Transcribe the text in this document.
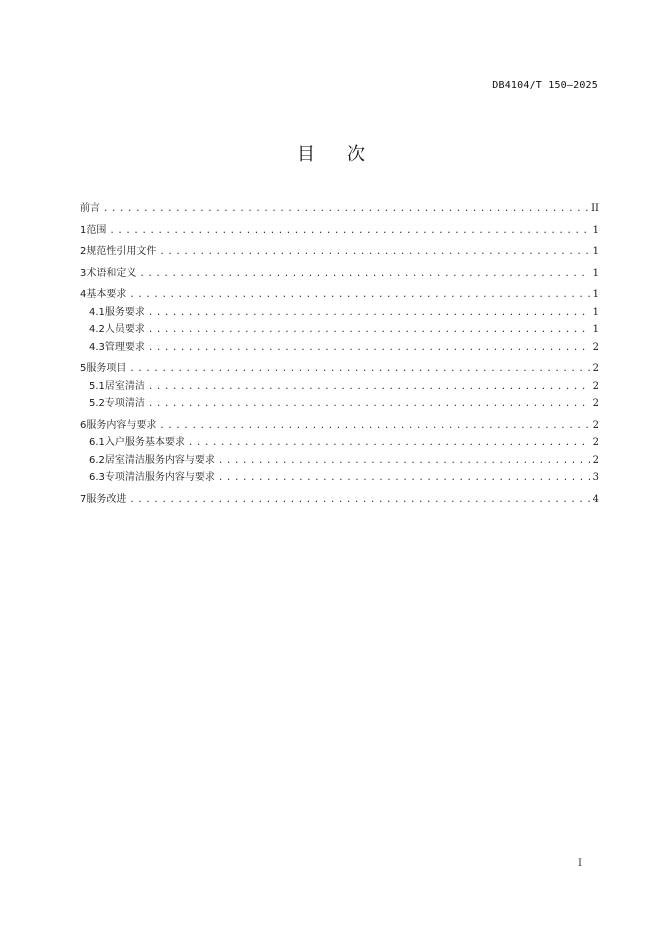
DB4104/T 150—2025
目次
前言 .....	II
1 范围 .....	1
2 规范性引用文件 .....	1
3 术语和定义 .....	1
4 基本要求 .....	1
4.1 服务要求 .....	1
4.2 人员要求 .....	1
4.3 管理要求 .....	2
5 服务项目 .....	2
5.1 居室清洁 .....	2
5.2 专项清洁 .....	2
6 服务内容与要求 .....	2
6.1 入户服务基本要求 .....	2
6.2 居室清洁服务内容与要求 .....	2
6.3 专项清洁服务内容与要求 .....	3
7 服务改进 .....	4
I
